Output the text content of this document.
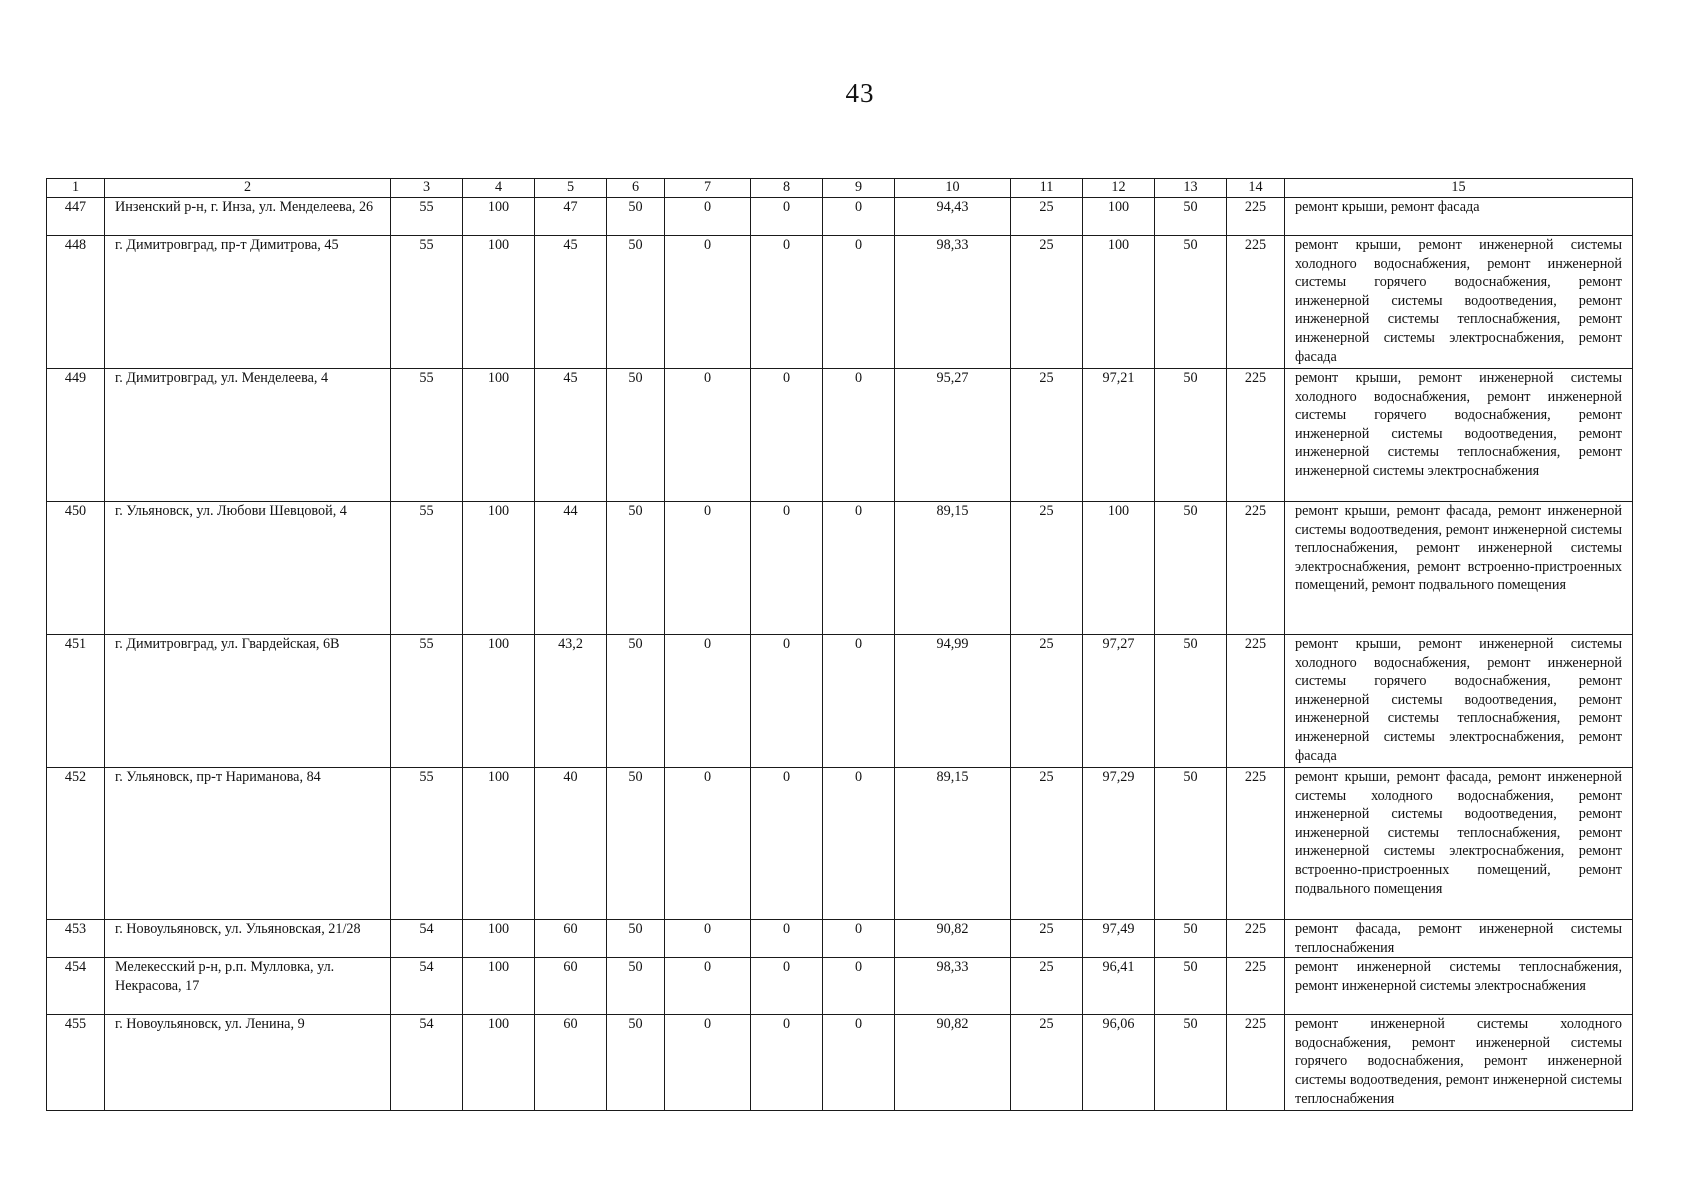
43
1	2	3	4	5	6	7	8	9	10	11	12	13	14	15
447	Инзенский р-н, г. Инза, ул. Менделеева, 26	55	100	47	50	0	0	0	94,43	25	100	50	225	ремонт крыши, ремонт фасада
448	г. Димитровград, пр-т Димитрова, 45	55	100	45	50	0	0	0	98,33	25	100	50	225	ремонт крыши, ремонт инженерной системы холодного водоснабжения, ремонт инженерной системы горячего водоснабжения, ремонт инженерной системы водоотведения, ремонт инженерной системы теплоснабжения, ремонт инженерной системы электроснабжения, ремонт фасада
449	г. Димитровград, ул. Менделеева, 4	55	100	45	50	0	0	0	95,27	25	97,21	50	225	ремонт крыши, ремонт инженерной системы холодного водоснабжения, ремонт инженерной системы горячего водоснабжения, ремонт инженерной системы водоотведения, ремонт инженерной системы теплоснабжения, ремонт инженерной системы электроснабжения
450	г. Ульяновск, ул. Любови Шевцовой, 4	55	100	44	50	0	0	0	89,15	25	100	50	225	ремонт крыши, ремонт фасада, ремонт инженерной системы водоотведения, ремонт инженерной системы теплоснабжения, ремонт инженерной системы электроснабжения, ремонт встроенно-пристроенных помещений, ремонт подвального помещения
451	г. Димитровград, ул. Гвардейская, 6В	55	100	43,2	50	0	0	0	94,99	25	97,27	50	225	ремонт крыши, ремонт инженерной системы холодного водоснабжения, ремонт инженерной системы горячего водоснабжения, ремонт инженерной системы водоотведения, ремонт инженерной системы теплоснабжения, ремонт инженерной системы электроснабжения, ремонт фасада
452	г. Ульяновск, пр-т Нариманова, 84	55	100	40	50	0	0	0	89,15	25	97,29	50	225	ремонт крыши, ремонт фасада, ремонт инженерной системы холодного водоснабжения, ремонт инженерной системы водоотведения, ремонт инженерной системы теплоснабжения, ремонт инженерной системы электроснабжения, ремонт встроенно-пристроенных помещений, ремонт подвального помещения
453	г. Новоульяновск, ул. Ульяновская, 21/28	54	100	60	50	0	0	0	90,82	25	97,49	50	225	ремонт фасада, ремонт инженерной системы теплоснабжения
454	Мелекесский р-н, р.п. Мулловка, ул. Некрасова, 17	54	100	60	50	0	0	0	98,33	25	96,41	50	225	ремонт инженерной системы теплоснабжения, ремонт инженерной системы электроснабжения
455	г. Новоульяновск, ул. Ленина, 9	54	100	60	50	0	0	0	90,82	25	96,06	50	225	ремонт инженерной системы холодного водоснабжения, ремонт инженерной системы горячего водоснабжения, ремонт инженерной системы водоотведения, ремонт инженерной системы теплоснабжения
